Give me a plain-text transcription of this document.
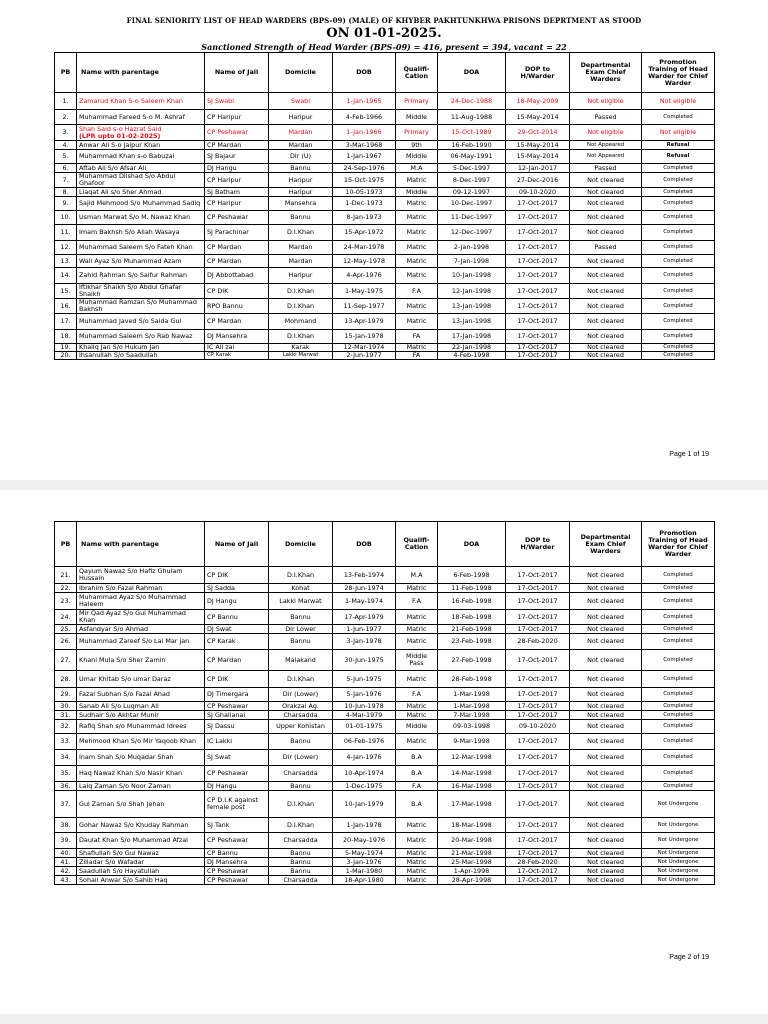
FINAL SENIORITY LIST OF HEAD WARDERS (BPS-09) (MALE) OF KHYBER PAKHTUNKHWA PRISONS DEPRTMENT AS STOOD
ON 01-01-2025.
Sanctioned Strength of Head Warder (BPS-09) = 416, present = 394, vacant = 22
PB	Name with parentage	Name of Jail	Domicile	DOB	Qualifi-Cation	DOA	DOP to H/Warder	Departmental Exam Chief Warders	Promotion Training of Head Warder for Chief Warder
1.	Zamarud Khan S-o Saleem Khan	SJ Swabi	Swabi	1-Jan-1965	Primary	24-Dec-1988	18-May-2009	Not eligible	Not eligible
2.	Muhammad Fareed S-o M. Ashraf	CP Haripur	Haripur	4-Feb-1966	Middle	11-Aug-1988	15-May-2014	Passed	Completed
3.	Shah Said s-o Hazrat Said
(LPR upto 01-02-2025)	CP Peshawar	Mardan	1-Jan-1966	Primary	15-Oct-1989	29-Oct-2014	Not eligible	Not eligible
4.	Anwar Ali S-o Jaipur Khan	CP Mardan	Mardan	3-Mar-1968	9th	16-Feb-1990	15-May-2014	Not Appeared	Refusal
5.	Muhammad Khan s-o Babuzai	SJ Bajaur	Dir (U)	1-Jan-1967	Middle	06-May-1991	15-May-2014	Not Appeared	Refusal
6.	Aftab Ali S/o Afsar Ali	DJ Hangu	Bannu	24-Sep-1976	M.A	5-Dec-1997	12-Jan-2017	Passed	Completed
7.	Muhammad Dilshad S/o Abdul Ghafoor	CP Haripur	Haripur	15-Oct-1975	Matric	8-Dec-1997	27-Dec-2016	Not cleared	Completed
8.	Liaqat Ali s/o Sher Ahmad	SJ Batham	Haripur	10-05-1973	Middle	09-12-1997	09-10-2020	Not cleared	Completed
9.	Sajid Mehmood S/o Muhammad Sadiq	CP Haripur	Mansehra	1-Dec-1973	Matric	10-Dec-1997	17-Oct-2017	Not cleared	Completed
10.	Usman Marwat S/o M. Nawaz Khan	CP Peshawar	Bannu	8-Jan-1973	Matric	11-Dec-1997	17-Oct-2017	Not cleared	Completed
11.	Imam Bakhsh S/o Allah Wasaya	SJ Parachinar	D.I.Khan	15-Apr-1972	Matric	12-Dec-1997	17-Oct-2017	Not cleared	Completed
12.	Muhammad Saleem S/o Fateh Khan	CP Mardan	Mardan	24-Mar-1978	Matric	2-Jan-1998	17-Oct-2017	Passed	Completed
13.	Wali Ayaz S/o Muhammad Azam	CP Mardan	Mardan	12-May-1978	Matric	7-Jan-1998	17-Oct-2017	Not cleared	Completed
14.	Zahid Rahman S/o Saifur Rahman	DJ Abbottabad	Haripur	4-Apr-1976	Matric	10-Jan-1998	17-Oct-2017	Not cleared	Completed
15.	Iftikhar Shaikh S/o Abdul Ghafar Shaikh	CP DIK	D.I.Khan	1-May-1975	F.A	12-Jan-1998	17-Oct-2017	Not cleared	Completed
16.	Muhammad Ramzan S/o Muhammad Bakhsh	RPO Bannu	D.I.Khan	11-Sep-1977	Matric	13-Jan-1998	17-Oct-2017	Not cleared	Completed
17.	Muhammad Javed S/o Saida Gul	CP Mardan	Mohmand	13-Apr-1979	Matric	13-Jan-1998	17-Oct-2017	Not cleared	Completed
18.	Muhammad Saleem S/o Rab Nawaz	DJ Mansehra	D.I.Khan	15-Jan-1978	FA	17-Jan-1998	17-Oct-2017	Not cleared	Completed
19.	Khaliq Jan S/o Hukum Jan	IC Ali zai	Karak	12-Mar-1974	Matric	22-Jan-1998	17-Oct-2017	Not cleared	Completed
20.	Ihsanullah S/o Saadullah	CP Karak	Lakki Marwat	2-Jun-1977	FA	4-Feb-1998	17-Oct-2017	Not cleared	Completed
Page 1 of 19
PB	Name with parentage	Name of Jail	Domicile	DOB	Qualifi-Cation	DOA	DOP to H/Warder	Departmental Exam Chief Warders	Promotion Training of Head Warder for Chief Warder
21.	Qayum Nawaz S/o Hafiz Ghulam Hussain	CP DIK	D.I.Khan	13-Feb-1974	M.A	6-Feb-1998	17-Oct-2017	Not cleared	Completed
22.	Ibrahim S/o Fazal Rahman	SJ Sadda	Kohat	28-Jun-1974	Matric	11-Feb-1998	17-Oct-2017	Not cleared	Completed
23.	Muhammad Ayaz S/o Muhammad Haleem	DJ Hangu	Lakki Marwat	1-May-1974	F.A	16-Feb-1998	17-Oct-2017	Not cleared	Completed
24.	Mir Qad Ayaz S/o Gul Muhammad Khan	CP Bannu	Bannu	17-Apr-1979	Matric	18-Feb-1998	17-Oct-2017	Not cleared	Completed
25.	Asfandyar S/o Ahmad	DJ Swat	Dir Lower	1-Jun-1977	Matric	21-Feb-1998	17-Oct-2017	Not cleared	Completed
26.	Muhammad Zareef S/o Lal Mar jan	CP Karak	Bannu	3-Jan-1978	Matric	23-Feb-1998	28-Feb-2020	Not cleared	Completed
27.	Khani Mula S/o Sher Zamin	CP Mardan	Malakand	30-Jun-1975	Middle Pass	27-Feb-1998	17-Oct-2017	Not cleared	Completed
28.	Umar Khitab S/o umar Daraz	CP DIK	D.I.Khan	5-Jun-1975	Matric	28-Feb-1998	17-Oct-2017	Not cleared	Completed
29.	Fazal Subhan S/o Fazal Ahad	DJ Timergara	Dir (Lower)	5-Jan-1976	F.A	1-Mar-1998	17-Oct-2017	Not cleared	Completed
30.	Sanab Ali S/o Luqman Ali	CP Peshawar	Orakzai Ag.	10-Jun-1978	Matric	1-Mar-1998	17-Oct-2017	Not cleared	Completed
31.	Sudhair S/o Akhtar Munir	SJ Ghallanai	Charsadda	4-Mar-1979	Matric	7-Mar-1998	17-Oct-2017	Not cleared	Completed
32.	Rafiq Shah s/o Muhammad Idrees	SJ Dassu	Upper Kohistan	01-01-1975	Middle	09-03-1998	09-10-2020	Not cleared	Completed
33.	Mehmood Khan S/o Mir Yaqoob Khan	IC Lakki	Bannu	06-Feb-1976	Matric	9-Mar-1998	17-Oct-2017	Not cleared	Completed
34.	Inam Shah S/o Muqadar Shah	SJ Swat	Dir (Lower)	4-Jan-1976	B.A	12-Mar-1998	17-Oct-2017	Not cleared	Completed
35.	Haq Nawaz Khan S/o Nasir Khan	CP Peshawar	Charsadda	10-Apr-1974	B.A	14-Mar-1998	17-Oct-2017	Not cleared	Completed
36.	Laiq Zaman S/o Noor Zaman	DJ Hangu	Bannu	1-Dec-1975	F.A	16-Mar-1998	17-Oct-2017	Not cleared	Completed
37.	Gul Zaman S/o Shah Jehan	CP D.I.K against female post	D.I.Khan	10-Jan-1979	B.A	17-Mar-1998	17-Oct-2017	Not cleared	Not Undergone
38.	Gohar Nawaz S/o Khuday Rahman	SJ Tank	D.I.Khan	1-Jan-1978	Matric	18-Mar-1998	17-Oct-2017	Not cleared	Not Undergone
39.	Daulat Khan S/o Muhammad Afzal	CP Peshawar	Charsadda	20-May-1976	Matric	20-Mar-1998	17-Oct-2017	Not cleared	Not Undergone
40.	Shafiullah S/o Gul Nawaz	CP Bannu	Bannu	5-May-1974	Matric	21-Mar-1998	17-Oct-2017	Not cleared	Not Undergone
41.	Zilladar S/o Wafadar	DJ Mansehra	Bannu	3-Jan-1976	Matric	25-Mar-1998	28-Feb-2020	Not cleared	Not Undergone
42.	Saadullah S/o Hayatullah	CP Peshawar	Bannu	1-Mar-1980	Matric	1-Apr-1998	17-Oct-2017	Not cleared	Not Undergone
43.	Sohail Anwar S/o Sahib Haq	CP Peshawar	Charsadda	18-Apr-1980	Matric	28-Apr-1998	17-Oct-2017	Not cleared	Not Undergone
Page 2 of 19
